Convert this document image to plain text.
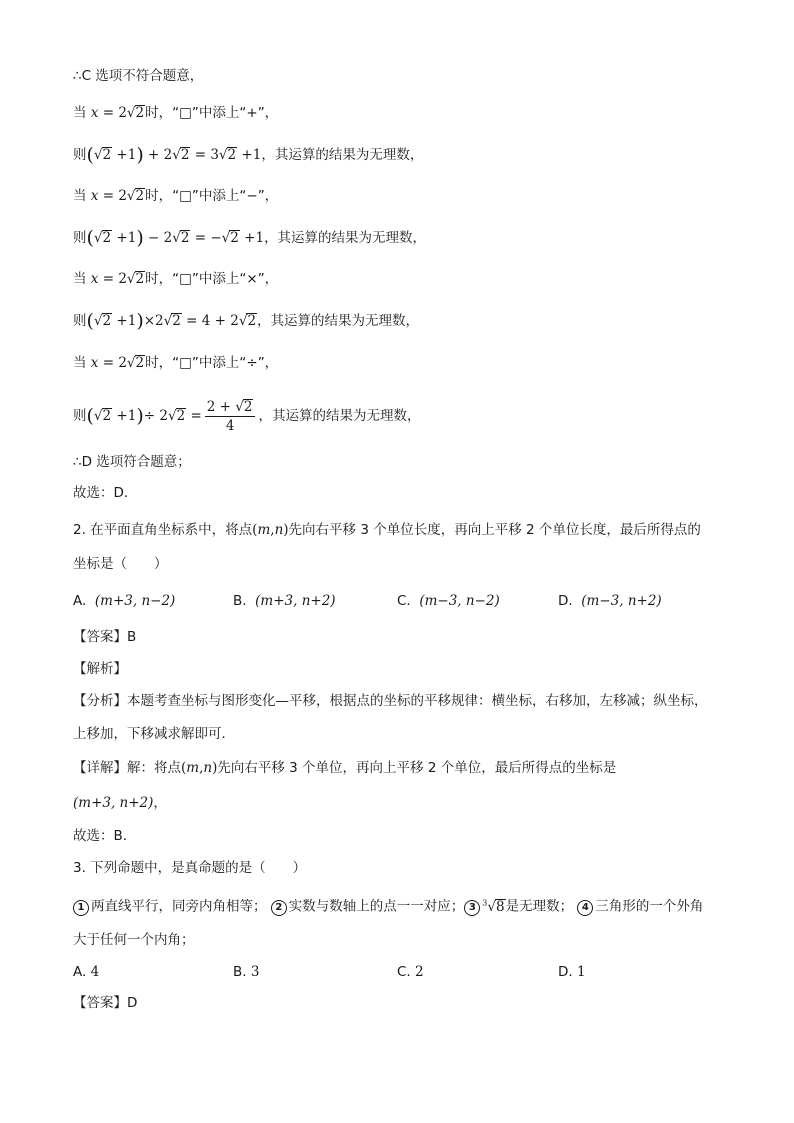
∴C 选项不符合题意，
当 x = 2√2时，“□”中添上“+”，
则(√2 +1) + 2√2 = 3√2 +1，其运算的结果为无理数，
当 x = 2√2时，“□”中添上“−”，
则(√2 +1) − 2√2 = −√2 +1，其运算的结果为无理数，
当 x = 2√2时，“□”中添上“×”，
则(√2 +1)×2√2 = 4 + 2√2，其运算的结果为无理数，
当 x = 2√2时，“□”中添上“÷”，
则$(√2 +1)\div 2√2 = \frac{2 + √2}{4}$ ，其运算的结果为无理数，
∴D 选项符合题意；
故选：D．
2. 在平面直角坐标系中，将点(m,n)先向右平移 3 个单位长度，再向上平移 2 个单位长度，最后所得点的
坐标是（　　）
A. (m+3, n−2)	B. (m+3, n+2)	C. (m−3, n−2)	D. (m−3, n+2)
【答案】B
【解析】
【分析】本题考查坐标与图形变化—平移，根据点的坐标的平移规律：横坐标，右移加，左移减；纵坐标，
上移加，下移减求解即可．
【详解】解：将点(m,n)先向右平移 3 个单位，再向上平移 2 个单位，最后所得点的坐标是
(m+3, n+2)，
故选：B．
3. 下列命题中，是真命题的是（　　）
1 两直线平行，同旁内角相等； 2 实数与数轴上的点一一对应； 3 $^3$√8是无理数； 4 三角形的一个外角
大于任何一个内角；
A. 4	B. 3	C. 2	D. 1
【答案】D
